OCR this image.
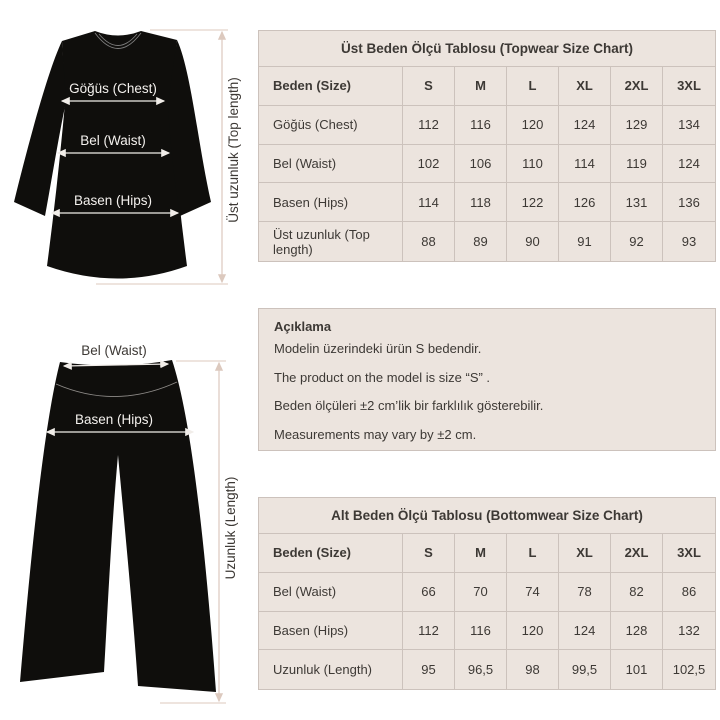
Göğüs (Chest)
Bel (Waist)
Basen (Hips)	Üst uzunluk (Top length)
Bel (Waist)
Basen (Hips)
Uzunluk (Length)
Üst Beden Ölçü Tablosu (Topwear Size Chart)
Beden (Size)	S	M	L	XL	2XL	3XL
Göğüs (Chest)	112	116	120	124	129	134
Bel (Waist)	102	106	110	114	119	124
Basen (Hips)	114	118	122	126	131	136
Üst uzunluk (Top length)	88	89	90	91	92	93
Açıklama
Modelin üzerindeki ürün S bedendir.
The product on the model is size “S” .
Beden ölçüleri ±2 cm’lik bir farklılık gösterebilir.
Measurements may vary by ±2 cm.
Alt Beden Ölçü Tablosu (Bottomwear Size Chart)
Beden (Size)	S	M	L	XL	2XL	3XL
Bel (Waist)	66	70	74	78	82	86
Basen (Hips)	112	116	120	124	128	132
Uzunluk (Length)	95	96,5	98	99,5	101	102,5
